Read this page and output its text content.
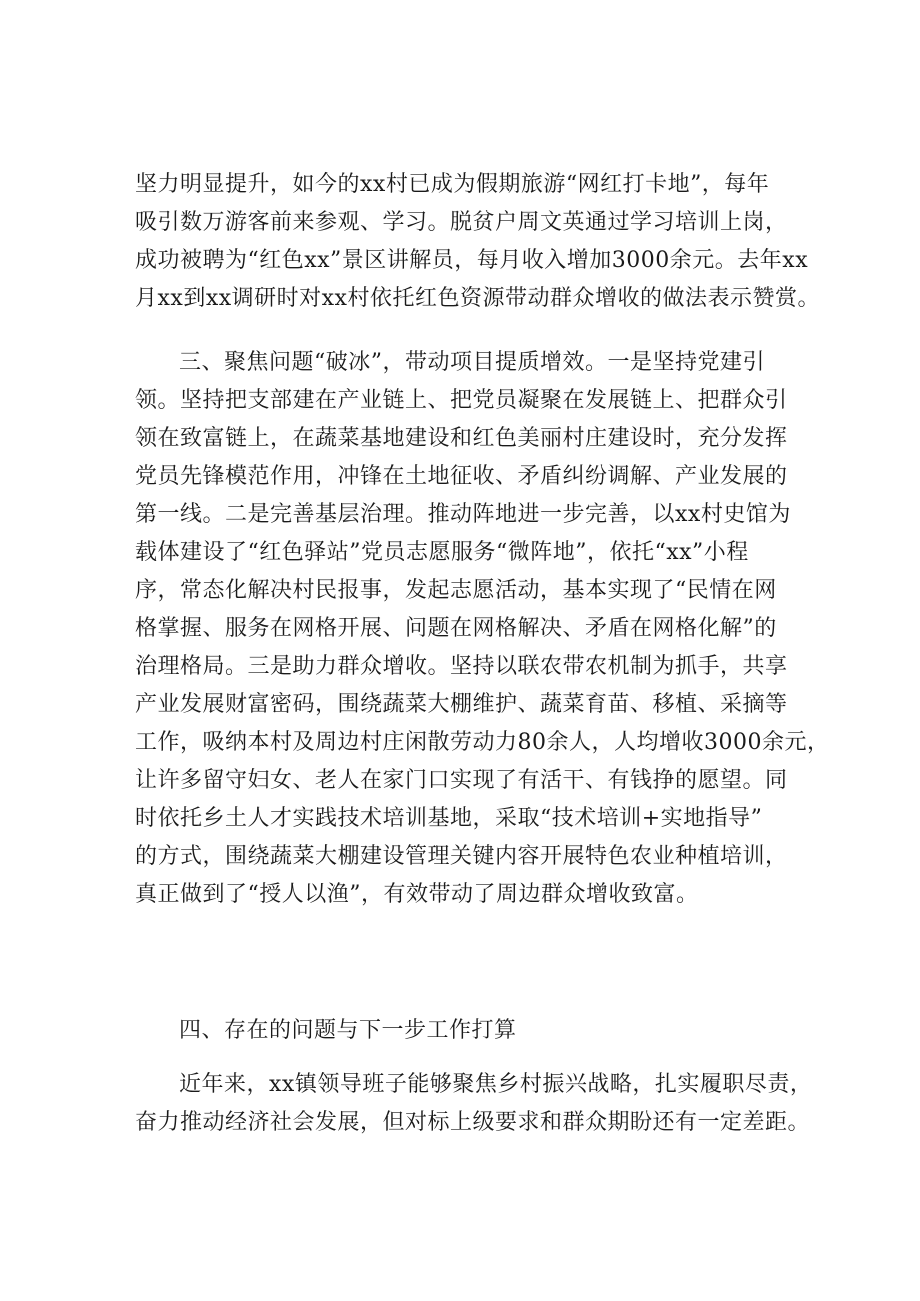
坚力明显提升，如今的xx村已成为假期旅游“网红打卡地”，每年
吸引数万游客前来参观、学习。脱贫户周文英通过学习培训上岗，
成功被聘为“红色xx”景区讲解员，每月收入增加3000余元。去年xx
月xx到xx调研时对xx村依托红色资源带动群众增收的做法表示赞赏。
三、聚焦问题“破冰”，带动项目提质增效。一是坚持党建引
领。坚持把支部建在产业链上、把党员凝聚在发展链上、把群众引
领在致富链上，在蔬菜基地建设和红色美丽村庄建设时，充分发挥
党员先锋模范作用，冲锋在土地征收、矛盾纠纷调解、产业发展的
第一线。二是完善基层治理。推动阵地进一步完善，以xx村史馆为
载体建设了“红色驿站”党员志愿服务“微阵地”，依托“xx”小程
序，常态化解决村民报事，发起志愿活动，基本实现了“民情在网
格掌握、服务在网格开展、问题在网格解决、矛盾在网格化解”的
治理格局。三是助力群众增收。坚持以联农带农机制为抓手，共享
产业发展财富密码，围绕蔬菜大棚维护、蔬菜育苗、移植、采摘等
工作，吸纳本村及周边村庄闲散劳动力80余人，人均增收3000余元，
让许多留守妇女、老人在家门口实现了有活干、有钱挣的愿望。同
时依托乡土人才实践技术培训基地，采取“技术培训+实地指导”
的方式，围绕蔬菜大棚建设管理关键内容开展特色农业种植培训，
真正做到了“授人以渔”，有效带动了周边群众增收致富。
四、存在的问题与下一步工作打算
近年来，xx镇领导班子能够聚焦乡村振兴战略，扎实履职尽责，
奋力推动经济社会发展，但对标上级要求和群众期盼还有一定差距。
